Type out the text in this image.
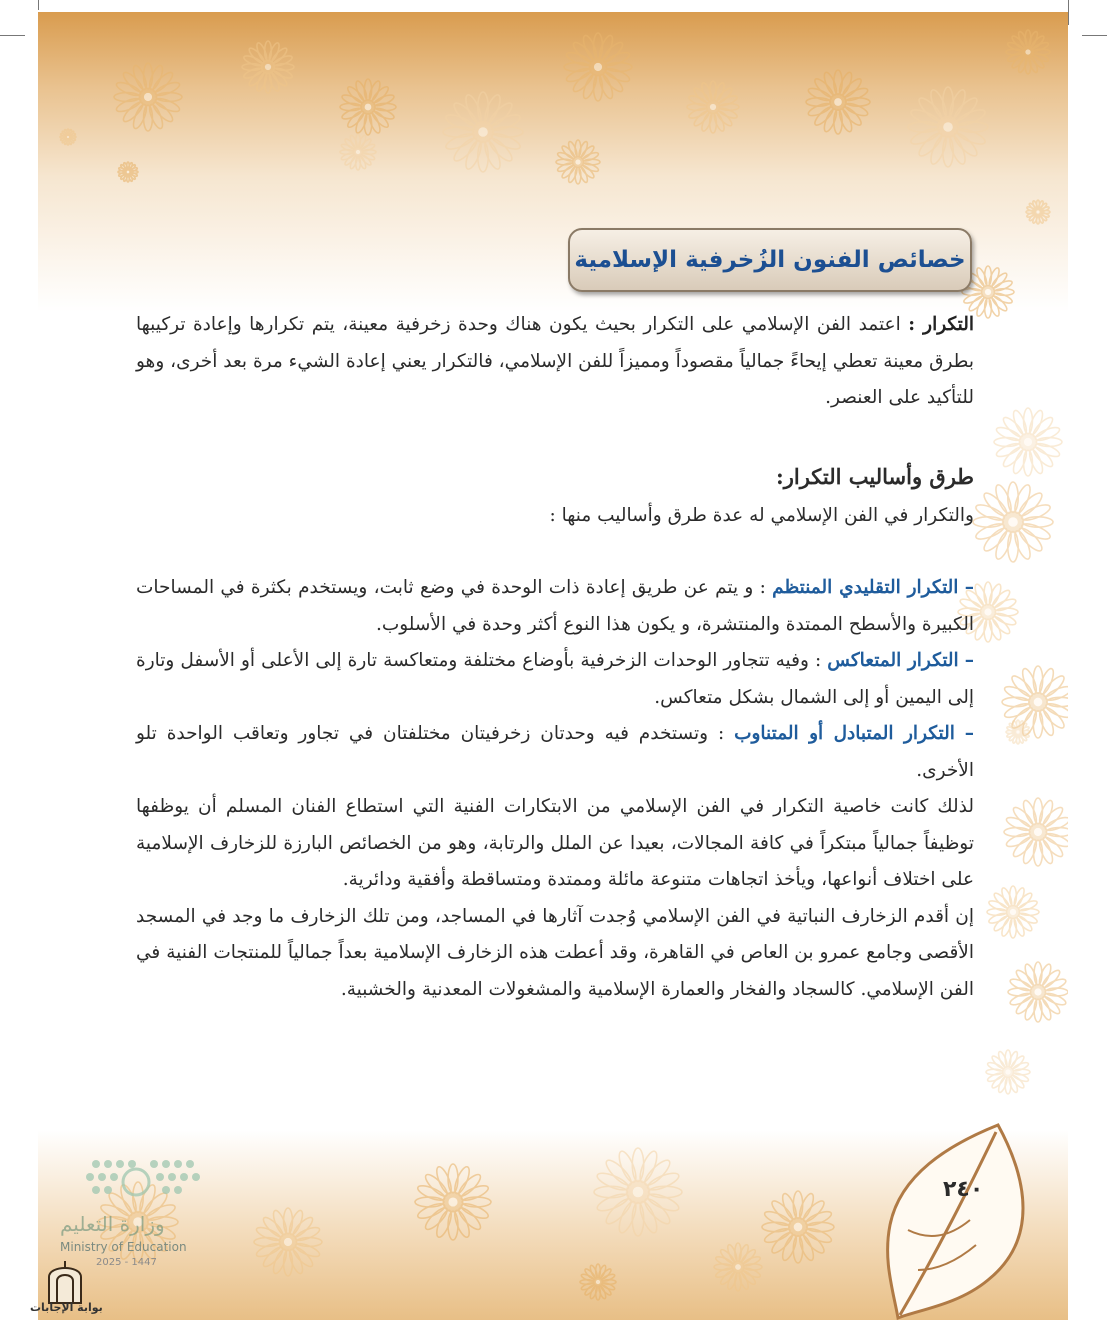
خصائص الفنون الزُخرفية الإسلامية

التكرار : اعتمد الفن الإسلامي على التكرار بحيث يكون هناك وحدة زخرفية معينة، يتم تكرارها وإعادة تركيبها بطرق معينة تعطي إيحاءً جمالياً مقصوداً ومميزاً للفن الإسلامي، فالتكرار يعني إعادة الشيء مرة بعد أخرى، وهو للتأكيد على العنصر.

طرق وأساليب التكرار:

والتكرار في الفن الإسلامي له عدة طرق وأساليب منها :

– التكرار التقليدي المنتظم : و يتم عن طريق إعادة ذات الوحدة في وضع ثابت، ويستخدم بكثرة في المساحات الكبيرة والأسطح الممتدة والمنتشرة، و يكون هذا النوع أكثر وحدة في الأسلوب.

– التكرار المتعاكس : وفيه تتجاور الوحدات الزخرفية بأوضاع مختلفة ومتعاكسة تارة إلى الأعلى أو الأسفل وتارة إلى اليمين أو إلى الشمال بشكل متعاكس.

– التكرار المتبادل أو المتناوب : وتستخدم فيه وحدتان زخرفيتان مختلفتان في تجاور وتعاقب الواحدة تلو الأخرى.

لذلك كانت خاصية التكرار في الفن الإسلامي من الابتكارات الفنية التي استطاع الفنان المسلم أن يوظفها توظيفاً جمالياً مبتكراً في كافة المجالات، بعيدا عن الملل والرتابة، وهو من الخصائص البارزة للزخارف الإسلامية على اختلاف أنواعها، ويأخذ اتجاهات متنوعة مائلة وممتدة ومتساقطة وأفقية ودائرية.

إن أقدم الزخارف النباتية في الفن الإسلامي وُجدت آثارها في المساجد، ومن تلك الزخارف ما وجد في المسجد الأقصى وجامع عمرو بن العاص في القاهرة، وقد أعطت هذه الزخارف الإسلامية بعداً جمالياً للمنتجات الفنية في الفن الإسلامي. كالسجاد والفخار والعمارة الإسلامية والمشغولات المعدنية والخشبية.

٢٤٠
وزارة التعليم
Ministry of Education
2025 - 1447
بوابة الإجابات
